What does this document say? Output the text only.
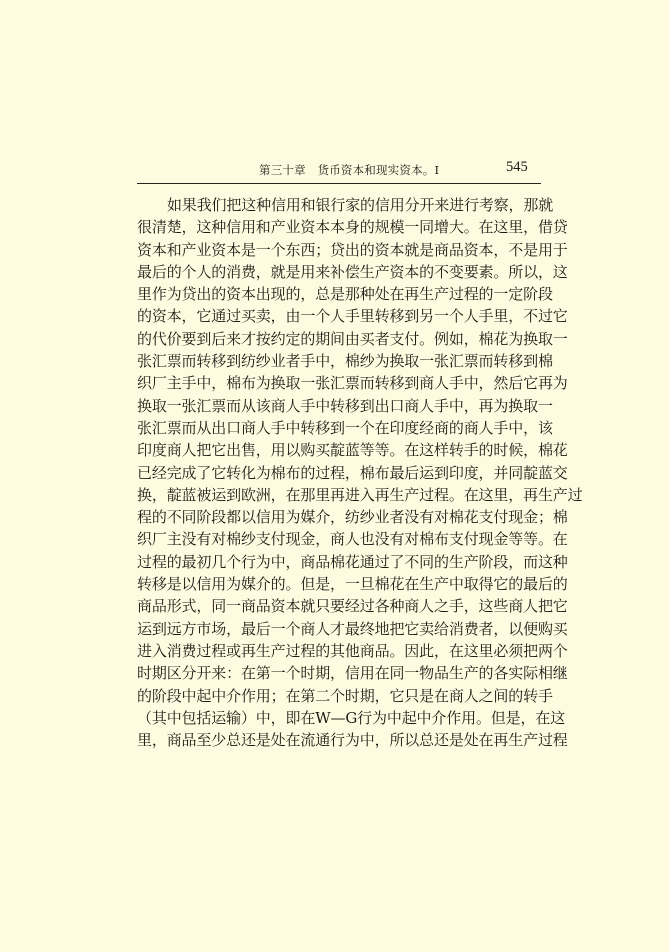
第三十章　货币资本和现实资本。I	545
如果我们把这种信用和银行家的信用分开来进行考察，那就
很清楚，这种信用和产业资本本身的规模一同增大。在这里，借贷
资本和产业资本是一个东西；贷出的资本就是商品资本，不是用于
最后的个人的消费，就是用来补偿生产资本的不变要素。所以，这
里作为贷出的资本出现的，总是那种处在再生产过程的一定阶段
的资本，它通过买卖，由一个人手里转移到另一个人手里，不过它
的代价要到后来才按约定的期间由买者支付。例如，棉花为换取一
张汇票而转移到纺纱业者手中，棉纱为换取一张汇票而转移到棉
织厂主手中，棉布为换取一张汇票而转移到商人手中，然后它再为
换取一张汇票而从该商人手中转移到出口商人手中，再为换取一
张汇票而从出口商人手中转移到一个在印度经商的商人手中，该
印度商人把它出售，用以购买靛蓝等等。在这样转手的时候，棉花
已经完成了它转化为棉布的过程，棉布最后运到印度，并同靛蓝交
换，靛蓝被运到欧洲，在那里再进入再生产过程。在这里，再生产过
程的不同阶段都以信用为媒介，纺纱业者没有对棉花支付现金；棉
织厂主没有对棉纱支付现金，商人也没有对棉布支付现金等等。在
过程的最初几个行为中，商品棉花通过了不同的生产阶段，而这种
转移是以信用为媒介的。但是，一旦棉花在生产中取得它的最后的
商品形式，同一商品资本就只要经过各种商人之手，这些商人把它
运到远方市场，最后一个商人才最终地把它卖给消费者，以便购买
进入消费过程或再生产过程的其他商品。因此，在这里必须把两个
时期区分开来：在第一个时期，信用在同一物品生产的各实际相继
的阶段中起中介作用；在第二个时期，它只是在商人之间的转手
（其中包括运输）中，即在W—G行为中起中介作用。但是，在这
里，商品至少总还是处在流通行为中，所以总还是处在再生产过程
